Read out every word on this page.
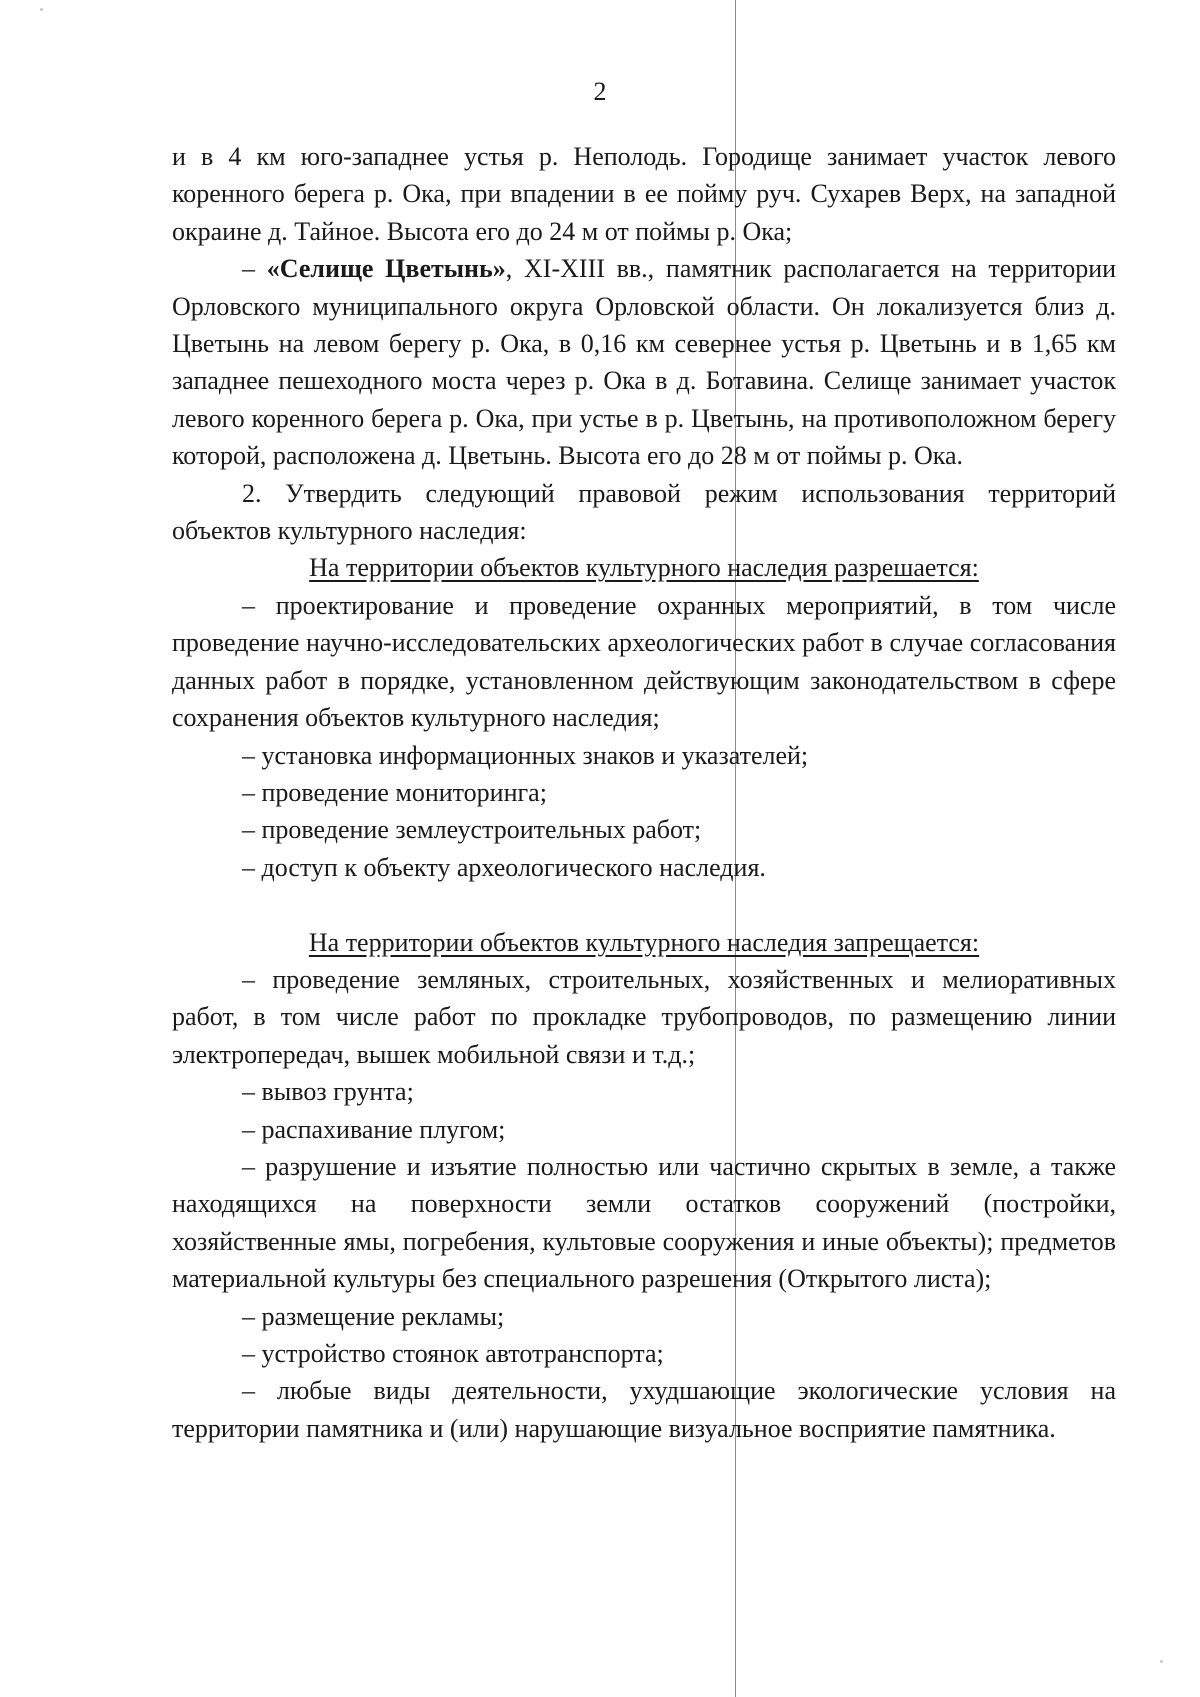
2

и в 4 км юго-западнее устья р. Неполодь. Городище занимает участок левого коренного берега р. Ока, при впадении в ее пойму руч. Сухарев Верх, на западной окраине д. Тайное. Высота его до 24 м от поймы р. Ока;

– «Селище Цветынь», XI-XIII вв., памятник располагается на территории Орловского муниципального округа Орловской области. Он локализуется близ д. Цветынь на левом берегу р. Ока, в 0,16 км севернее устья р. Цветынь и в 1,65 км западнее пешеходного моста через р. Ока в д. Ботавина. Селище занимает участок левого коренного берега р. Ока, при устье в р. Цветынь, на противоположном берегу которой, расположена д. Цветынь. Высота его до 28 м от поймы р. Ока.

2. Утвердить следующий правовой режим использования территорий объектов культурного наследия:

На территории объектов культурного наследия разрешается:

– проектирование и проведение охранных мероприятий, в том числе проведение научно-исследовательских археологических работ в случае согласования данных работ в порядке, установленном действующим законодательством в сфере сохранения объектов культурного наследия;

– установка информационных знаков и указателей;

– проведение мониторинга;

– проведение землеустроительных работ;

– доступ к объекту археологического наследия.

На территории объектов культурного наследия запрещается:

– проведение земляных, строительных, хозяйственных и мелиоративных работ, в том числе работ по прокладке трубопроводов, по размещению линии электропередач, вышек мобильной связи и т.д.;

– вывоз грунта;

– распахивание плугом;

– разрушение и изъятие полностью или частично скрытых в земле, а также находящихся на поверхности земли остатков сооружений (постройки, хозяйственные ямы, погребения, культовые сооружения и иные объекты); предметов материальной культуры без специального разрешения (Открытого листа);

– размещение рекламы;

– устройство стоянок автотранспорта;

– любые виды деятельности, ухудшающие экологические условия на территории памятника и (или) нарушающие визуальное восприятие памятника.
